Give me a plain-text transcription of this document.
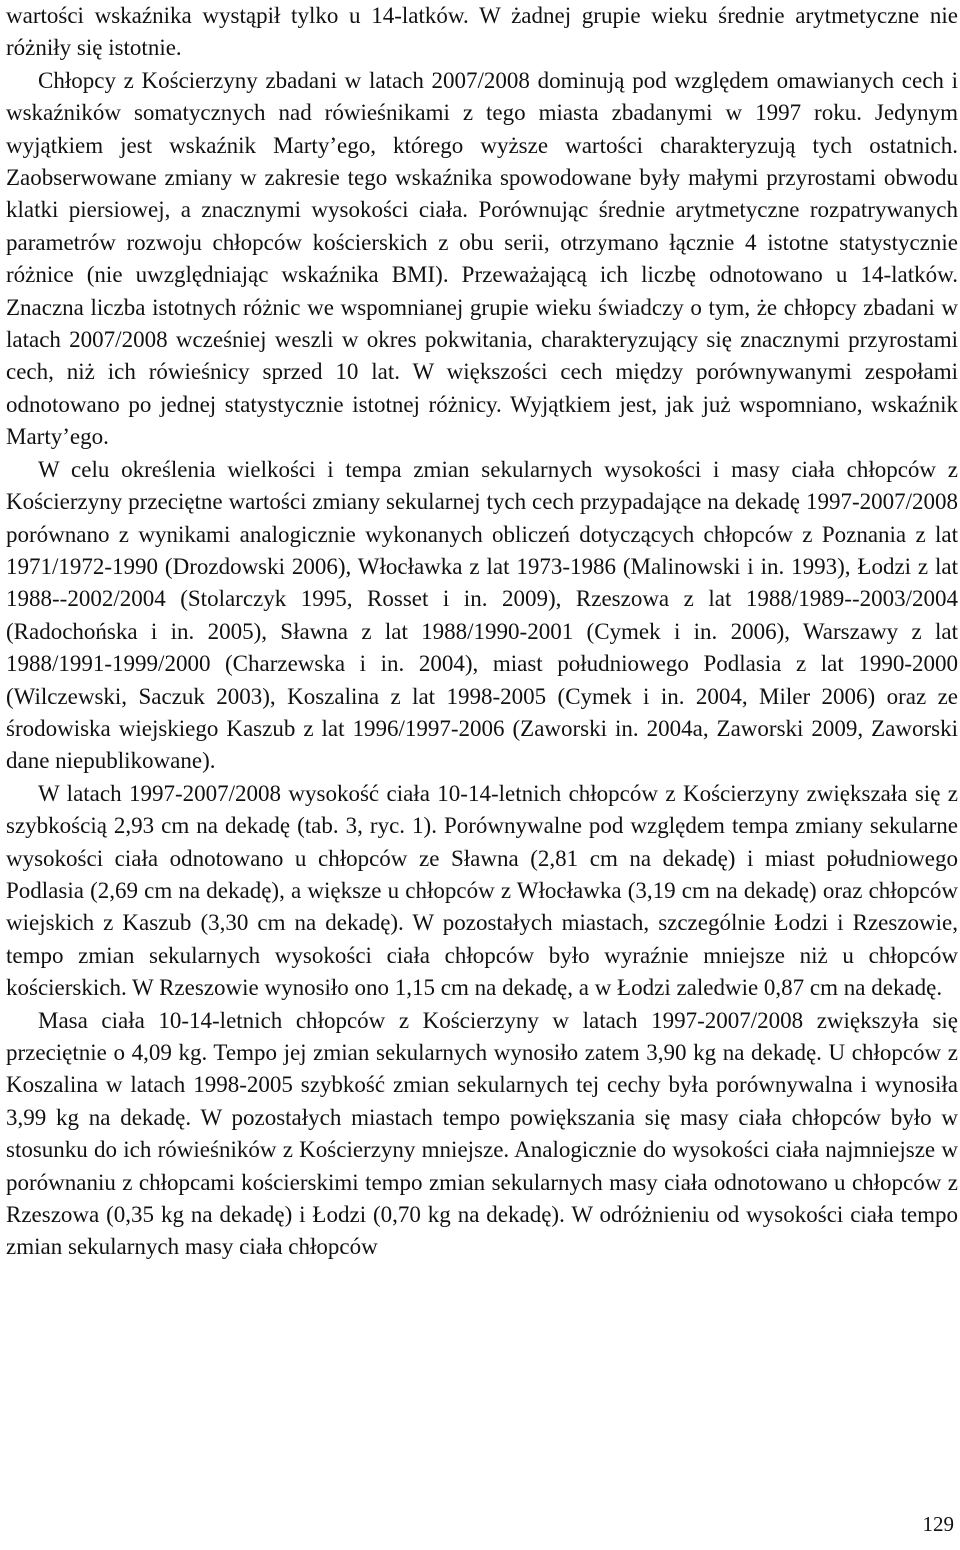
wartości wskaźnika wystąpił tylko u 14-latków. W żadnej grupie wieku średnie arytmetyczne nie różniły się istotnie.

Chłopcy z Kościerzyny zbadani w latach 2007/2008 dominują pod względem omawianych cech i wskaźników somatycznych nad rówieśnikami z tego miasta zbadanymi w 1997 roku. Jedynym wyjątkiem jest wskaźnik Marty’ego, którego wyższe wartości charakteryzują tych ostatnich. Zaobserwowane zmiany w zakresie tego wskaźnika spowodowane były małymi przyrostami obwodu klatki piersiowej, a znacznymi wysokości ciała. Porównując średnie arytmetyczne rozpatrywanych parametrów rozwoju chłopców kościerskich z obu serii, otrzymano łącznie 4 istotne statystycznie różnice (nie uwzględniając wskaźnika BMI). Przeważającą ich liczbę odnotowano u 14-latków. Znaczna liczba istotnych różnic we wspomnianej grupie wieku świadczy o tym, że chłopcy zbadani w latach 2007/2008 wcześniej weszli w okres pokwitania, charakteryzujący się znacznymi przyrostami cech, niż ich rówieśnicy sprzed 10 lat. W większości cech między porównywanymi zespołami odnotowano po jednej statystycznie istotnej różnicy. Wyjątkiem jest, jak już wspomniano, wskaźnik Marty’ego.

W celu określenia wielkości i tempa zmian sekularnych wysokości i masy ciała chłopców z Kościerzyny przeciętne wartości zmiany sekularnej tych cech przypadające na dekadę 1997-2007/2008 porównano z wynikami analogicznie wykonanych obliczeń dotyczących chłopców z Poznania z lat 1971/1972-1990 (Drozdowski 2006), Włocławka z lat 1973-1986 (Malinowski i in. 1993), Łodzi z lat 1988--2002/2004 (Stolarczyk 1995, Rosset i in. 2009), Rzeszowa z lat 1988/1989--2003/2004 (Radochońska i in. 2005), Sławna z lat 1988/1990-2001 (Cymek i in. 2006), Warszawy z lat 1988/1991-1999/2000 (Charzewska i in. 2004), miast południowego Podlasia z lat 1990-2000 (Wilczewski, Saczuk 2003), Koszalina z lat 1998-2005 (Cymek i in. 2004, Miler 2006) oraz ze środowiska wiejskiego Kaszub z lat 1996/1997-2006 (Zaworski in. 2004a, Zaworski 2009, Zaworski dane niepublikowane).

W latach 1997-2007/2008 wysokość ciała 10-14-letnich chłopców z Kościerzyny zwiększała się z szybkością 2,93 cm na dekadę (tab. 3, ryc. 1). Porównywalne pod względem tempa zmiany sekularne wysokości ciała odnotowano u chłopców ze Sławna (2,81 cm na dekadę) i miast południowego Podlasia (2,69 cm na dekadę), a większe u chłopców z Włocławka (3,19 cm na dekadę) oraz chłopców wiejskich z Kaszub (3,30 cm na dekadę). W pozostałych miastach, szczególnie Łodzi i Rzeszowie, tempo zmian sekularnych wysokości ciała chłopców było wyraźnie mniejsze niż u chłopców kościerskich. W Rzeszowie wynosiło ono 1,15 cm na dekadę, a w Łodzi zaledwie 0,87 cm na dekadę.

Masa ciała 10-14-letnich chłopców z Kościerzyny w latach 1997-2007/2008 zwiększyła się przeciętnie o 4,09 kg. Tempo jej zmian sekularnych wynosiło zatem 3,90 kg na dekadę. U chłopców z Koszalina w latach 1998-2005 szybkość zmian sekularnych tej cechy była porównywalna i wynosiła 3,99 kg na dekadę. W pozostałych miastach tempo powiększania się masy ciała chłopców było w stosunku do ich rówieśników z Kościerzyny mniejsze. Analogicznie do wysokości ciała najmniejsze w porównaniu z chłopcami kościerskimi tempo zmian sekularnych masy ciała odnotowano u chłopców z Rzeszowa (0,35 kg na dekadę) i Łodzi (0,70 kg na dekadę). W odróżnieniu od wysokości ciała tempo zmian sekularnych masy ciała chłopców

129
